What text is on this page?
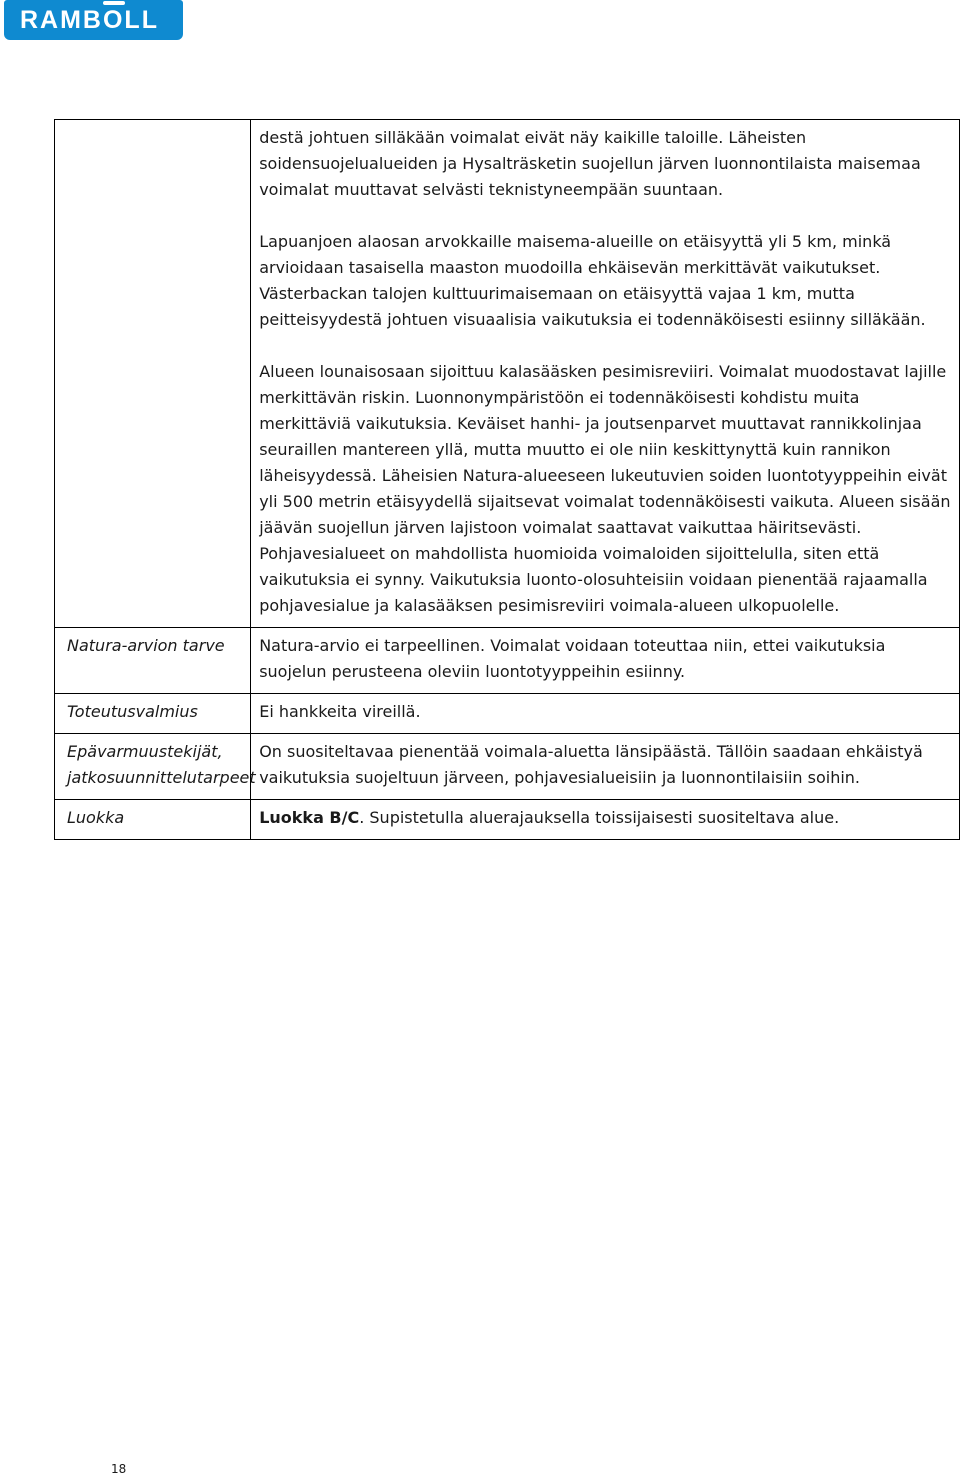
RAMBOLL

	destä johtuen silläkään voimalat eivät näy kaikille taloille. Läheisten soidensuojelualueiden ja Hysalträsketin suojellun järven luonnontilaista maisemaa voimalat muuttavat selvästi teknistyneempään suuntaan.

Lapuanjoen alaosan arvokkaille maisema-alueille on etäisyyttä yli 5 km, minkä arvioidaan tasaisella maaston muodoilla ehkäisevän merkittävät vaikutukset. Västerbackan talojen kulttuurimaisemaan on etäisyyttä vajaa 1 km, mutta peitteisyydestä johtuen visuaalisia vaikutuksia ei todennäköisesti esiinny silläkään.

Alueen lounaisosaan sijoittuu kalasääsken pesimisreviiri. Voimalat muodostavat lajille merkittävän riskin. Luonnonympäristöön ei todennäköisesti kohdistu muita merkittäviä vaikutuksia. Keväiset hanhi- ja joutsenparvet muuttavat rannikkolinjaa seuraillen mantereen yllä, mutta muutto ei ole niin keskittynyttä kuin rannikon läheisyydessä. Läheisien Natura-alueeseen lukeutuvien soiden luontotyyppeihin eivät yli 500 metrin etäisyydellä sijaitsevat voimalat todennäköisesti vaikuta. Alueen sisään jäävän suojellun järven lajistoon voimalat saattavat vaikuttaa häiritsevästi. Pohjavesialueet on mahdollista huomioida voimaloiden sijoittelulla, siten että vaikutuksia ei synny. Vaikutuksia luonto-olosuhteisiin voidaan pienentää rajaamalla pohjavesialue ja kalasääksen pesimisreviiri voimala-alueen ulkopuolelle.

Natura-arvion tarve	Natura-arvio ei tarpeellinen. Voimalat voidaan toteuttaa niin, ettei vaikutuksia suojelun perusteena oleviin luontotyyppeihin esiinny.

Toteutusvalmius	Ei hankkeita vireillä.

Epävarmuustekijät, jatkosuunnittelutarpeet	On suositeltavaa pienentää voimala-aluetta länsipäästä. Tällöin saadaan ehkäistyä vaikutuksia suojeltuun järveen, pohjavesialueisiin ja luonnontilaisiin soihin.

Luokka	Luokka B/C. Supistetulla aluerajauksella toissijaisesti suositeltava alue.
18
